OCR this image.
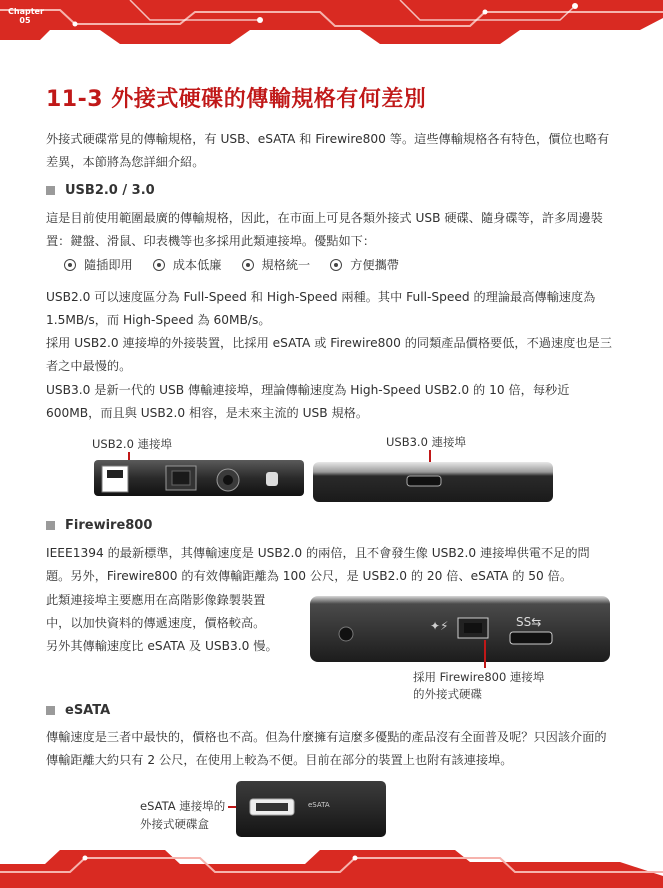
Chapter 05
11-3 外接式硬碟的傳輸規格有何差別
外接式硬碟常見的傳輸規格，有 USB、eSATA 和 Firewire800 等。這些傳輸規格各有特色，價位也略有差異，本節將為您詳細介紹。
USB2.0 / 3.0
這是目前使用範圍最廣的傳輸規格，因此，在市面上可見各類外接式 USB 硬碟、隨身碟等，許多周邊裝置：鍵盤、滑鼠、印表機等也多採用此類連接埠。優點如下：
隨插即用	成本低廉	規格統一	方便攜帶
USB2.0 可以速度區分為 Full-Speed 和 High-Speed 兩種。其中 Full-Speed 的理論最高傳輸速度為 1.5MB/s，而 High-Speed 為 60MB/s。
採用 USB2.0 連接埠的外接裝置，比採用 eSATA 或 Firewire800 的同類產品價格要低，不過速度也是三者之中最慢的。
USB3.0 是新一代的 USB 傳輸連接埠，理論傳輸速度為 High-Speed USB2.0 的 10 倍，每秒近 600MB，而且與 USB2.0 相容，是未來主流的 USB 規格。
USB2.0 連接埠	USB3.0 連接埠
Firewire800
IEEE1394 的最新標準，其傳輸速度是 USB2.0 的兩倍，且不會發生像 USB2.0 連接埠供電不足的問題。另外，Firewire800 的有效傳輸距離為 100 公尺，是 USB2.0 的 20 倍、eSATA 的 50 倍。
此類連接埠主要應用在高階影像錄製裝置
中，以加快資料的傳遞速度，價格較高。
另外其傳輸速度比 eSATA 及 USB3.0 慢。
✦⚡	SS⇆
採用 Firewire800 連接埠
的外接式硬碟
eSATA
傳輸速度是三者中最快的，價格也不高。但為什麼擁有這麼多優點的產品沒有全面普及呢？只因該介面的傳輸距離大約只有 2 公尺，在使用上較為不便。目前在部分的裝置上也附有該連接埠。
eSATA 連接埠的
外接式硬碟盒
eSATA
266
